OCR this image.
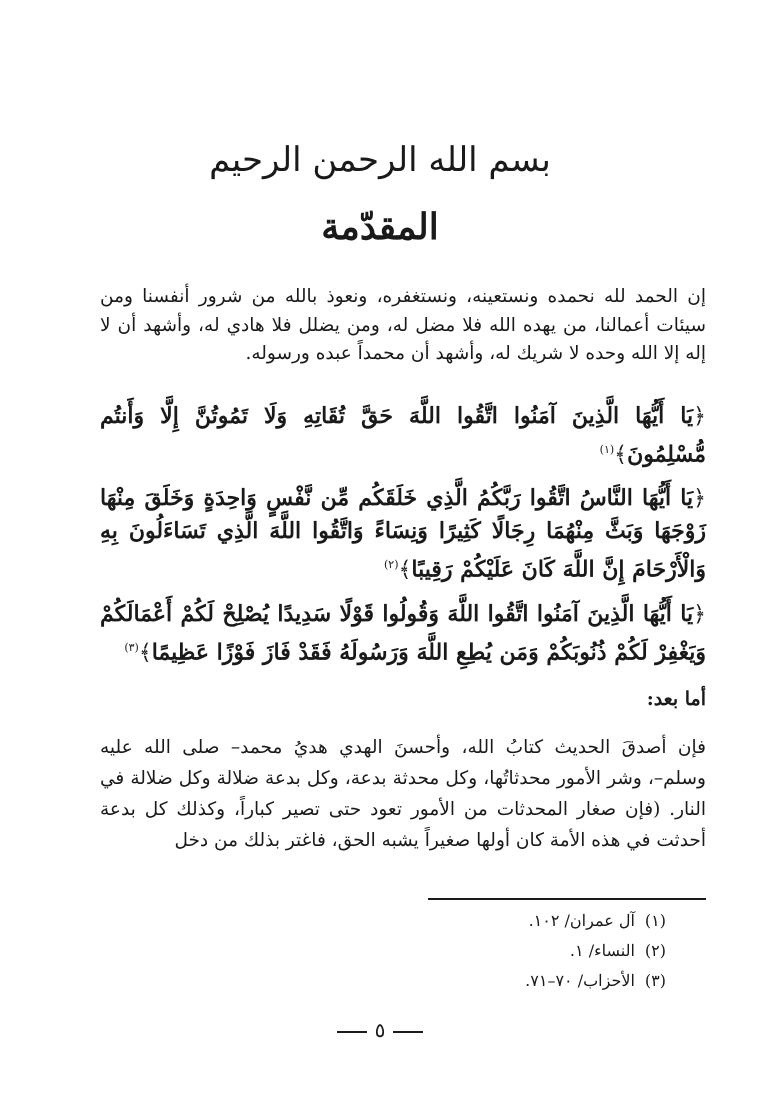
بسم الله الرحمن الرحيم
المقدّمة

إن الحمد لله نحمده ونستعينه، ونستغفره، ونعوذ بالله من شرور أنفسنا ومن سيئات أعمالنا، من يهده الله فلا مضل له، ومن يضلل فلا هادي له، وأشهد أن لا إله إلا الله وحده لا شريك له، وأشهد أن محمداً عبده ورسوله.

﴿يَا أَيُّهَا الَّذِينَ آمَنُوا اتَّقُوا اللَّهَ حَقَّ تُقَاتِهِ وَلَا تَمُوتُنَّ إِلَّا وَأَنتُم مُّسْلِمُونَ﴾$^{(١)}$

﴿يَا أَيُّهَا النَّاسُ اتَّقُوا رَبَّكُمُ الَّذِي خَلَقَكُم مِّن نَّفْسٍ وَاحِدَةٍ وَخَلَقَ مِنْهَا زَوْجَهَا وَبَثَّ مِنْهُمَا رِجَالًا كَثِيرًا وَنِسَاءً وَاتَّقُوا اللَّهَ الَّذِي تَسَاءَلُونَ بِهِ وَالْأَرْحَامَ إِنَّ اللَّهَ كَانَ عَلَيْكُمْ رَقِيبًا﴾$^{(٢)}$

﴿يَا أَيُّهَا الَّذِينَ آمَنُوا اتَّقُوا اللَّهَ وَقُولُوا قَوْلًا سَدِيدًا يُصْلِحْ لَكُمْ أَعْمَالَكُمْ وَيَغْفِرْ لَكُمْ ذُنُوبَكُمْ وَمَن يُطِعِ اللَّهَ وَرَسُولَهُ فَقَدْ فَازَ فَوْزًا عَظِيمًا﴾$^{(٣)}$

أما بعد:

فإن أصدقَ الحديث كتابُ الله، وأحسنَ الهدي هديُ محمد– صلى الله عليه وسلم–، وشر الأمور محدثاتُها، وكل محدثة بدعة، وكل بدعة ضلالة وكل ضلالة في النار. (فإن صغار المحدثات من الأمور تعود حتى تصير كباراً، وكذلك كل بدعة أحدثت في هذه الأمة كان أولها صغيراً يشبه الحق، فاغتر بذلك من دخل

(١)آل عمران/ ١٠٢.
(٢)النساء/ ١.
(٣)الأحزاب/ ٧٠–٧١.
٥
